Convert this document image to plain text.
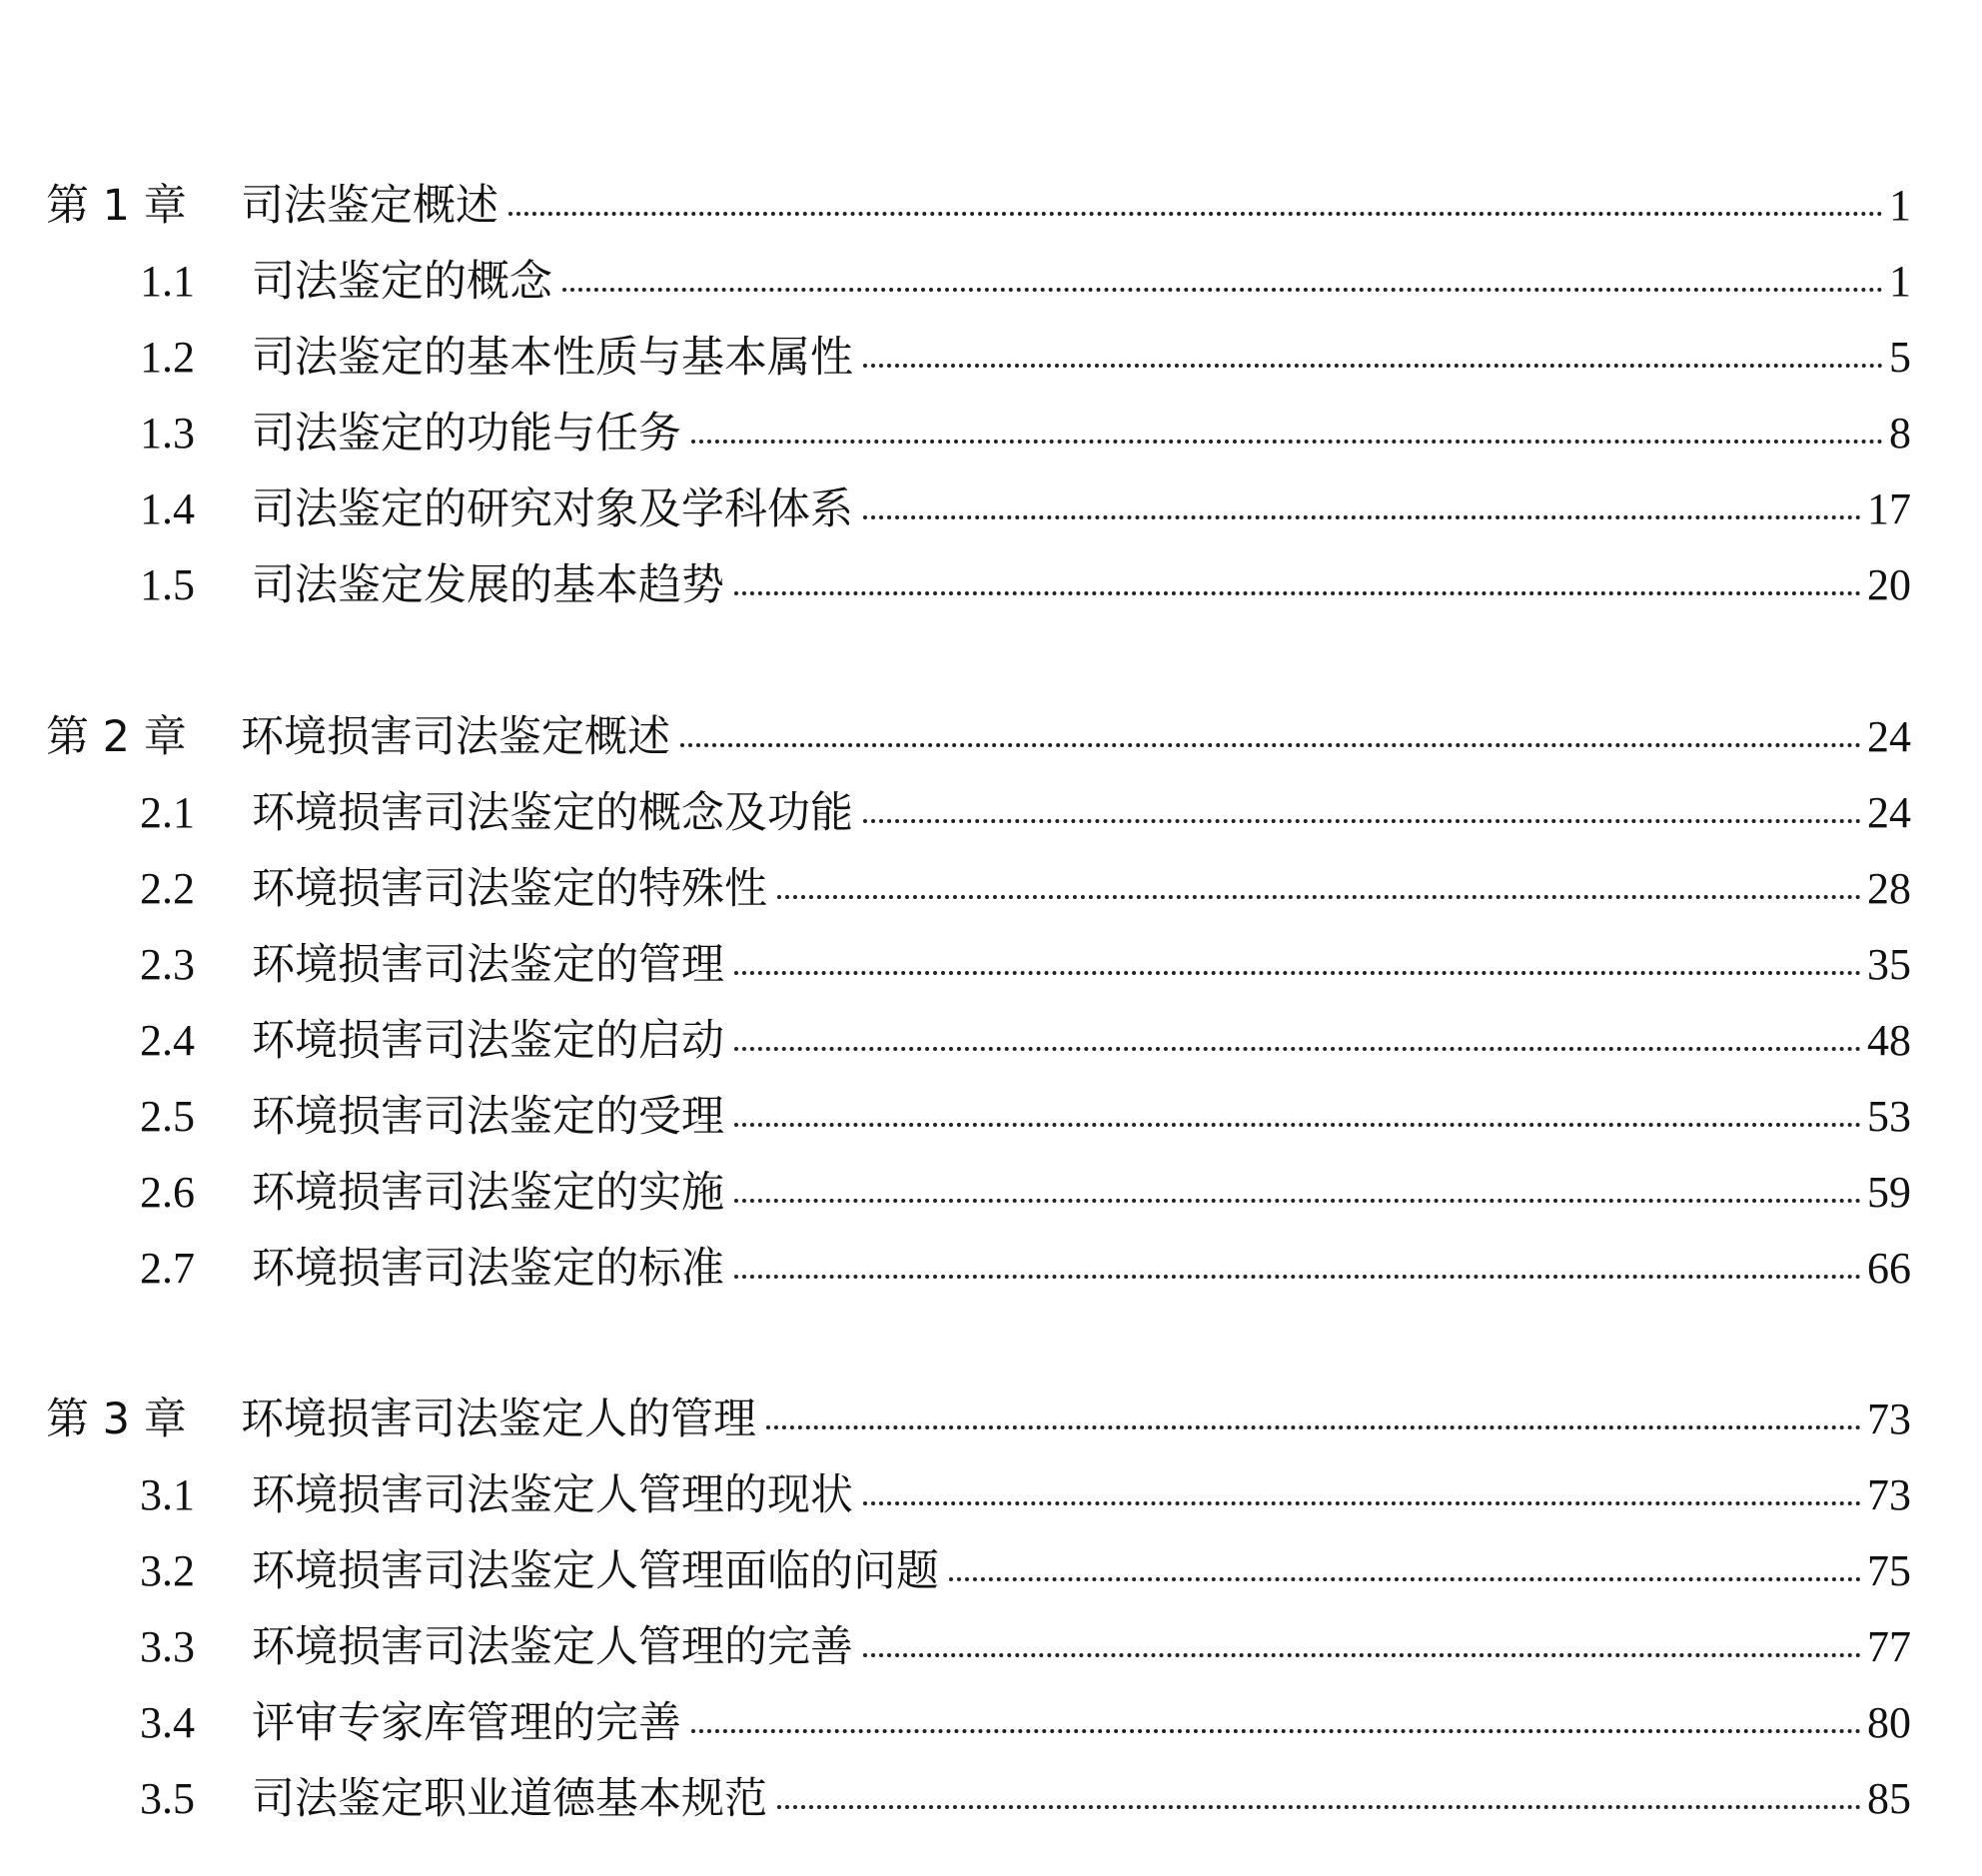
第 1 章	司法鉴定概述	1
1.1	司法鉴定的概念	1
1.2	司法鉴定的基本性质与基本属性	5
1.3	司法鉴定的功能与任务	8
1.4	司法鉴定的研究对象及学科体系	17
1.5	司法鉴定发展的基本趋势	20
第 2 章	环境损害司法鉴定概述	24
2.1	环境损害司法鉴定的概念及功能	24
2.2	环境损害司法鉴定的特殊性	28
2.3	环境损害司法鉴定的管理	35
2.4	环境损害司法鉴定的启动	48
2.5	环境损害司法鉴定的受理	53
2.6	环境损害司法鉴定的实施	59
2.7	环境损害司法鉴定的标准	66
第 3 章	环境损害司法鉴定人的管理	73
3.1	环境损害司法鉴定人管理的现状	73
3.2	环境损害司法鉴定人管理面临的问题	75
3.3	环境损害司法鉴定人管理的完善	77
3.4	评审专家库管理的完善	80
3.5	司法鉴定职业道德基本规范	85
